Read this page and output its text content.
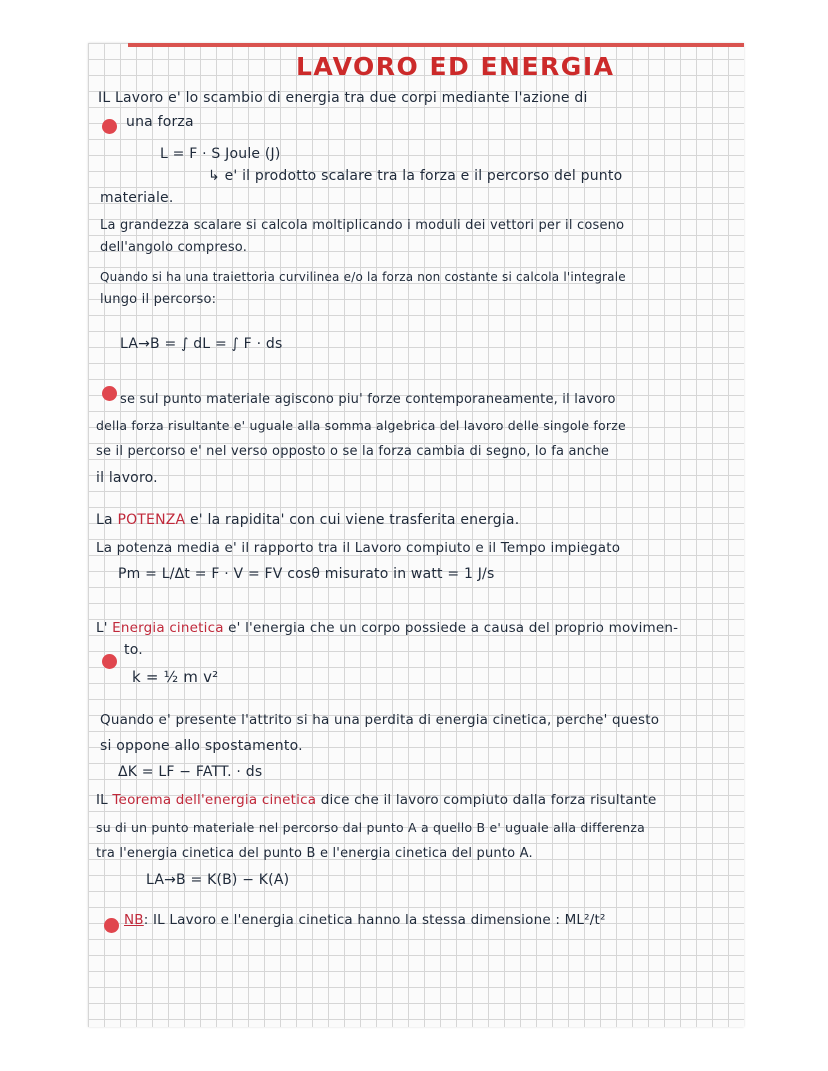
LAVORO ED ENERGIA
IL Lavoro e' lo scambio di energia tra due corpi mediante l'azione di
una forza
L = F · S Joule (J)
↳ e' il prodotto scalare tra la forza e il percorso del punto
materiale.
La grandezza scalare si calcola moltiplicando i moduli dei vettori per il coseno
dell'angolo compreso.
Quando si ha una traiettoria curvilinea e/o la forza non costante si calcola l'integrale
lungo il percorso:
LA→B = ∫ dL = ∫ F · ds
se sul punto materiale agiscono piu' forze contemporaneamente, il lavoro
della forza risultante e' uguale alla somma algebrica del lavoro delle singole forze
se il percorso e' nel verso opposto o se la forza cambia di segno, lo fa anche
il lavoro.
La POTENZA e' la rapidita' con cui viene trasferita energia.
La potenza media e' il rapporto tra il Lavoro compiuto e il Tempo impiegato
Pm = L/Δt = F · V = FV cosθ misurato in watt = 1 J/s
L' Energia cinetica e' l'energia che un corpo possiede a causa del proprio movimen-
to.
k = ½ m v²
Quando e' presente l'attrito si ha una perdita di energia cinetica, perche' questo
si oppone allo spostamento.
ΔK = LF − FATT. · ds
IL Teorema dell'energia cinetica dice che il lavoro compiuto dalla forza risultante
su di un punto materiale nel percorso dal punto A a quello B e' uguale alla differenza
tra l'energia cinetica del punto B e l'energia cinetica del punto A.
LA→B = K(B) − K(A)
NB: IL Lavoro e l'energia cinetica hanno la stessa dimensione : ML²/t²
